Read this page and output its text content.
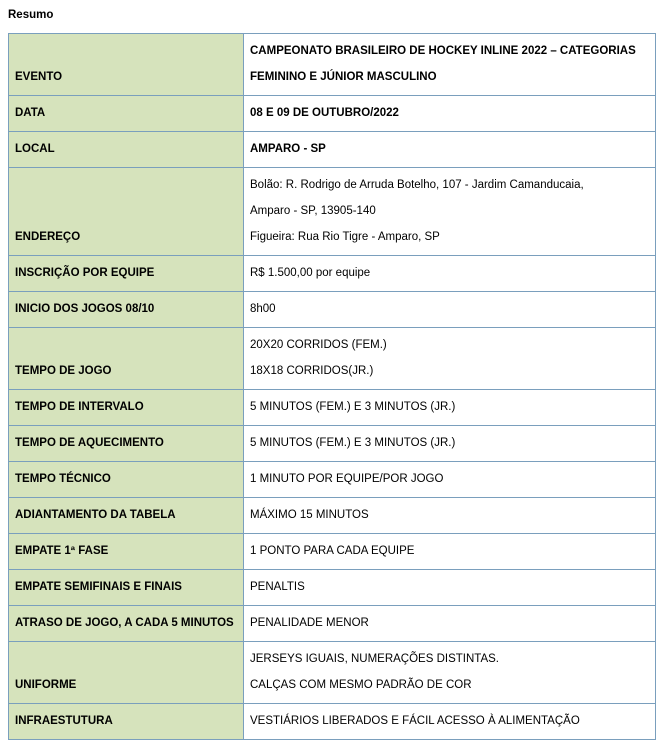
Resumo
EVENTO	CAMPEONATO BRASILEIRO DE HOCKEY INLINE 2022 – CATEGORIAS
FEMININO E JÚNIOR MASCULINO

DATA	08 E 09 DE OUTUBRO/2022

LOCAL	AMPARO - SP

ENDEREÇO	Bolão: R. Rodrigo de Arruda Botelho, 107 - Jardim Camanducaia,
Amparo - SP, 13905-140
Figueira: Rua Rio Tigre - Amparo, SP

INSCRIÇÃO POR EQUIPE	R$ 1.500,00 por equipe

INICIO DOS JOGOS 08/10	8h00

TEMPO DE JOGO	20X20 CORRIDOS (FEM.)
18X18 CORRIDOS(JR.)

TEMPO DE INTERVALO	5 MINUTOS (FEM.) E 3 MINUTOS (JR.)

TEMPO DE AQUECIMENTO	5 MINUTOS (FEM.) E 3 MINUTOS (JR.)

TEMPO TÉCNICO	1 MINUTO POR EQUIPE/POR JOGO

ADIANTAMENTO DA TABELA	MÁXIMO 15 MINUTOS

EMPATE 1ª FASE	1 PONTO PARA CADA EQUIPE

EMPATE SEMIFINAIS E FINAIS	PENALTIS

ATRASO DE JOGO, A CADA 5 MINUTOS	PENALIDADE MENOR

UNIFORME	JERSEYS IGUAIS, NUMERAÇÕES DISTINTAS.
CALÇAS COM MESMO PADRÃO DE COR

INFRAESTUTURA	VESTIÁRIOS LIBERADOS E FÁCIL ACESSO À ALIMENTAÇÃO
